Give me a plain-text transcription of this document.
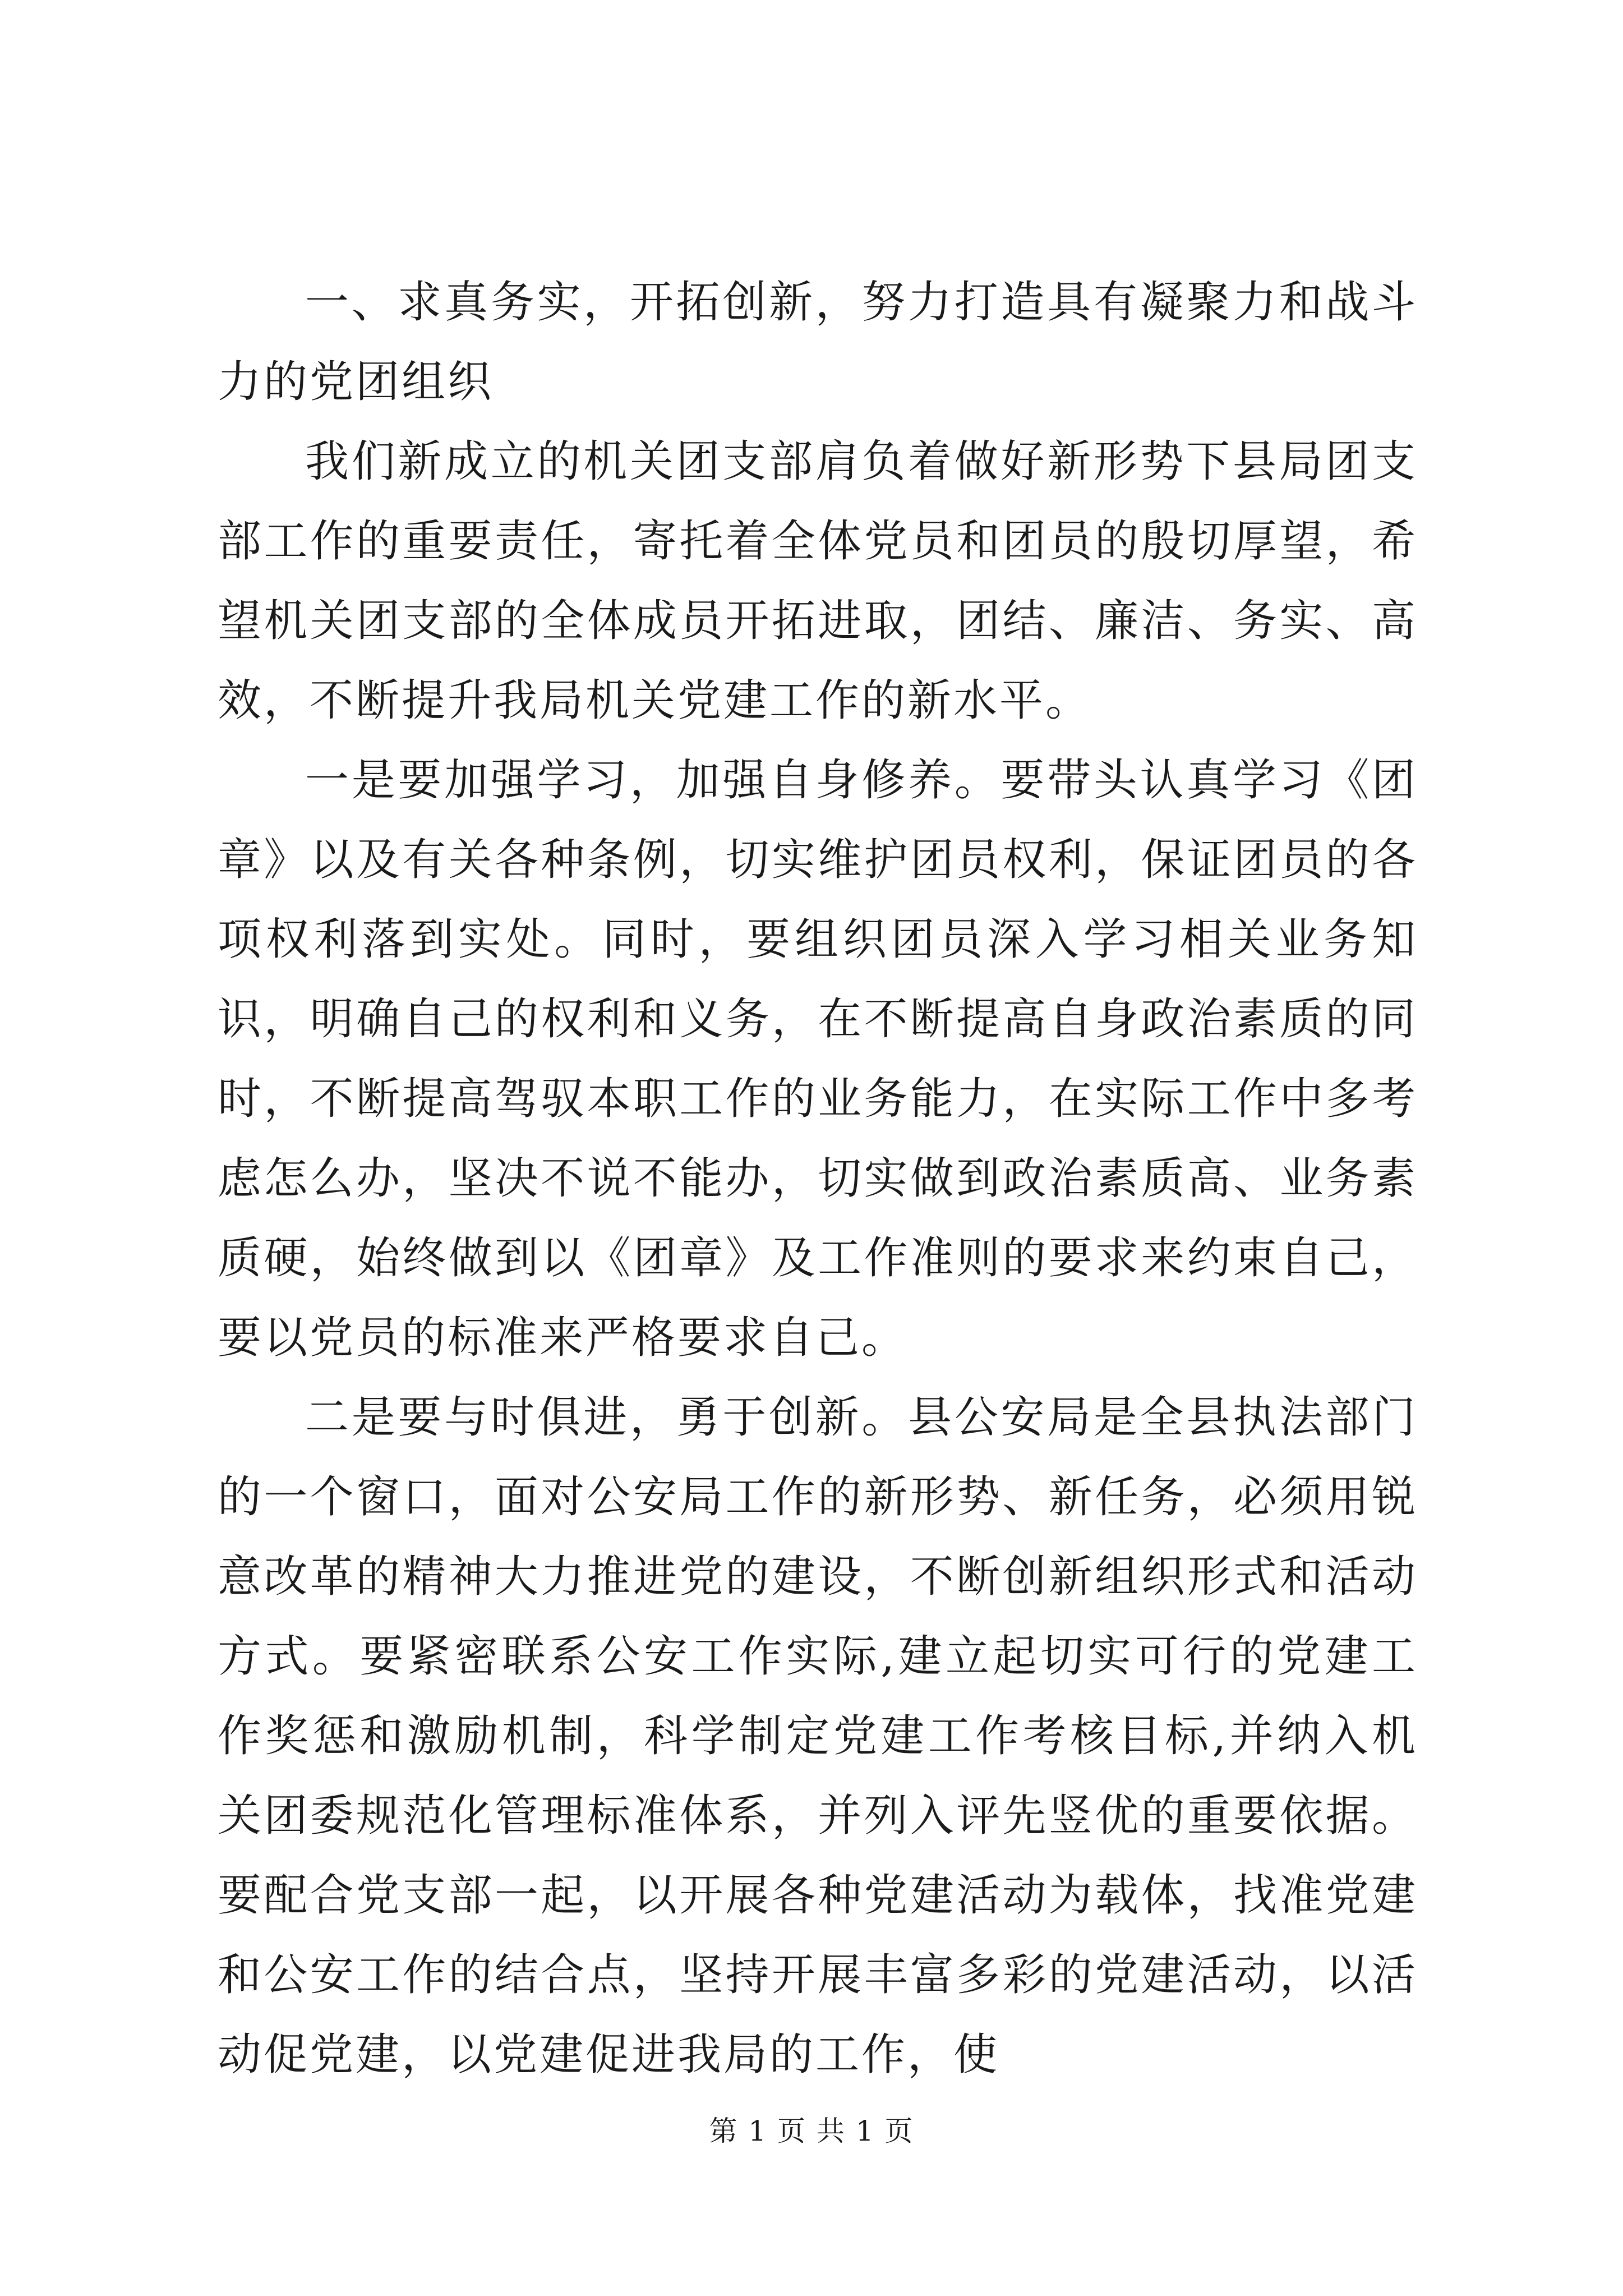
一、求真务实，开拓创新，努力打造具有凝聚力和战斗力的党团组织

我们新成立的机关团支部肩负着做好新形势下县局团支部工作的重要责任，寄托着全体党员和团员的殷切厚望，希望机关团支部的全体成员开拓进取，团结、廉洁、务实、高效，不断提升我局机关党建工作的新水平。

一是要加强学习，加强自身修养。要带头认真学习《团章》以及有关各种条例，切实维护团员权利，保证团员的各项权利落到实处。同时，要组织团员深入学习相关业务知识，明确自己的权利和义务，在不断提高自身政治素质的同时，不断提高驾驭本职工作的业务能力，在实际工作中多考虑怎么办，坚决不说不能办，切实做到政治素质高、业务素质硬，始终做到以《团章》及工作准则的要求来约束自己，要以党员的标准来严格要求自己。

二是要与时俱进，勇于创新。县公安局是全县执法部门的一个窗口，面对公安局工作的新形势、新任务，必须用锐意改革的精神大力推进党的建设，不断创新组织形式和活动方式。要紧密联系公安工作实际,建立起切实可行的党建工作奖惩和激励机制，科学制定党建工作考核目标,并纳入机关团委规范化管理标准体系，并列入评先竖优的重要依据。要配合党支部一起，以开展各种党建活动为载体，找准党建和公安工作的结合点，坚持开展丰富多彩的党建活动，以活动促党建，以党建促进我局的工作，使

第 1 页 共 1 页
